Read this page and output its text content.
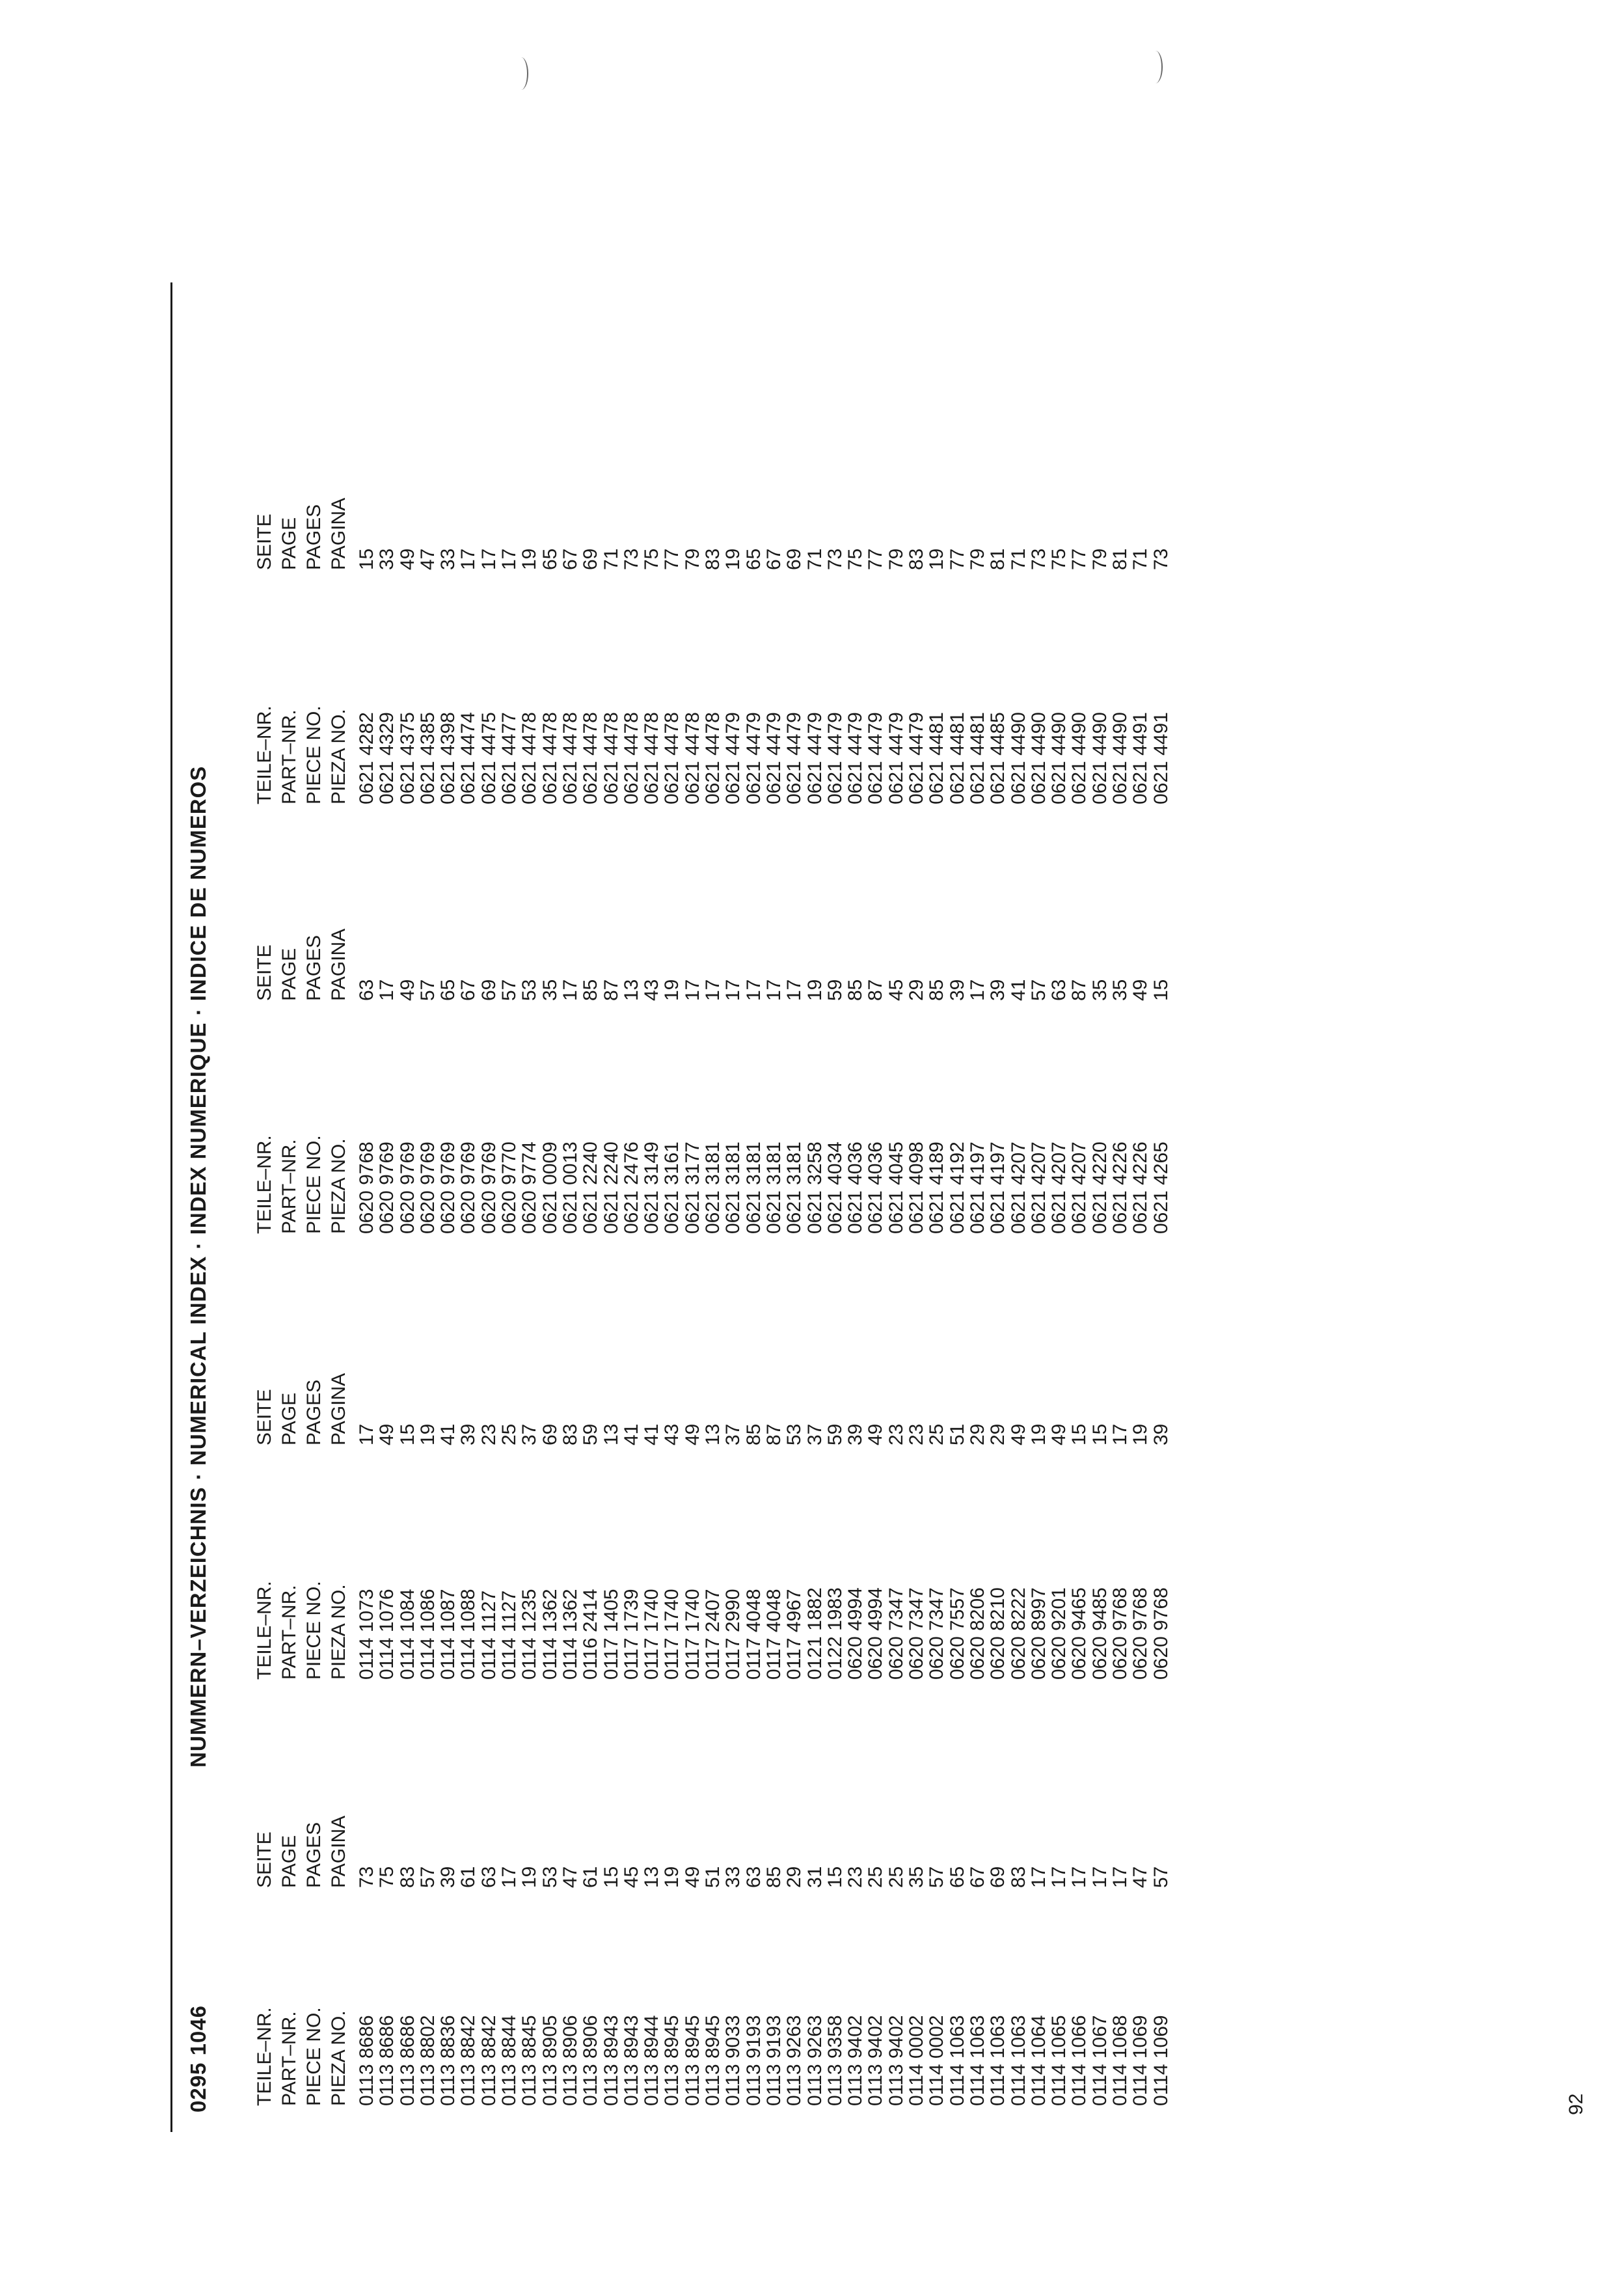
0295 1046
NUMMERN–VERZEICHNIS · NUMERICAL INDEX · INDEX NUMERIQUE · INDICE DE NUMEROS
TEILE–NR. PART–NR. PIECE NO. PIEZA NO. 0113 8686
0113 8686
0113 8686
0113 8802
0113 8836
0113 8842
0113 8842
0113 8844
0113 8845
0113 8905
0113 8906
0113 8906
0113 8943
0113 8943
0113 8944
0113 8945
0113 8945
0113 8945
0113 9033
0113 9193
0113 9193
0113 9263
0113 9263
0113 9358
0113 9402
0113 9402
0113 9402
0114 0002
0114 0002
0114 1063
0114 1063
0114 1063
0114 1063
0114 1064
0114 1065
0114 1066
0114 1067
0114 1068
0114 1069
0114 1069
SEITE PAGE PAGES PAGINA 73
75
83
57
39
61
63
17
19
53
47
61
15
45
13
19
49
51
33
63
85
29
31
15
23
25
25
35
57
65
67
69
83
17
17
17
17
17
47
57
TEILE–NR. PART–NR. PIECE NO. PIEZA NO. 0114 1073
0114 1076
0114 1084
0114 1086
0114 1087
0114 1088
0114 1127
0114 1127
0114 1235
0114 1362
0114 1362
0116 2414
0117 1405
0117 1739
0117 1740
0117 1740
0117 1740
0117 2407
0117 2990
0117 4048
0117 4048
0117 4967
0121 1882
0122 1983
0620 4994
0620 4994
0620 7347
0620 7347
0620 7347
0620 7557
0620 8206
0620 8210
0620 8222
0620 8997
0620 9201
0620 9465
0620 9485
0620 9768
0620 9768
0620 9768
SEITE PAGE PAGES PAGINA 17
49
15
19
41
39
23
25
37
69
83
59
13
41
41
43
49
13
37
85
87
53
37
59
39
49
23
23
25
51
29
29
49
19
49
15
15
17
19
39
TEILE–NR. PART–NR. PIECE NO. PIEZA NO. 0620 9768
0620 9769
0620 9769
0620 9769
0620 9769
0620 9769
0620 9769
0620 9770
0620 9774
0621 0009
0621 0013
0621 2240
0621 2240
0621 2476
0621 3149
0621 3161
0621 3177
0621 3181
0621 3181
0621 3181
0621 3181
0621 3181
0621 3258
0621 4034
0621 4036
0621 4036
0621 4045
0621 4098
0621 4189
0621 4192
0621 4197
0621 4197
0621 4207
0621 4207
0621 4207
0621 4207
0621 4220
0621 4226
0621 4226
0621 4265
SEITE PAGE PAGES PAGINA 63
17
49
57
65
67
69
57
53
35
17
85
87
13
43
19
17
17
17
17
17
17
19
59
85
87
45
29
85
39
17
39
41
57
63
87
35
35
49
15
TEILE–NR. PART–NR. PIECE NO. PIEZA NO. 0621 4282
0621 4329
0621 4375
0621 4385
0621 4398
0621 4474
0621 4475
0621 4477
0621 4478
0621 4478
0621 4478
0621 4478
0621 4478
0621 4478
0621 4478
0621 4478
0621 4478
0621 4478
0621 4479
0621 4479
0621 4479
0621 4479
0621 4479
0621 4479
0621 4479
0621 4479
0621 4479
0621 4479
0621 4481
0621 4481
0621 4481
0621 4485
0621 4490
0621 4490
0621 4490
0621 4490
0621 4490
0621 4490
0621 4491
0621 4491
SEITE PAGE PAGES PAGINA 15
33
49
47
33
17
17
17
19
65
67
69
71
73
75
77
79
83
19
65
67
69
71
73
75
77
79
83
19
77
79
81
71
73
75
77
79
81
71
73
92
